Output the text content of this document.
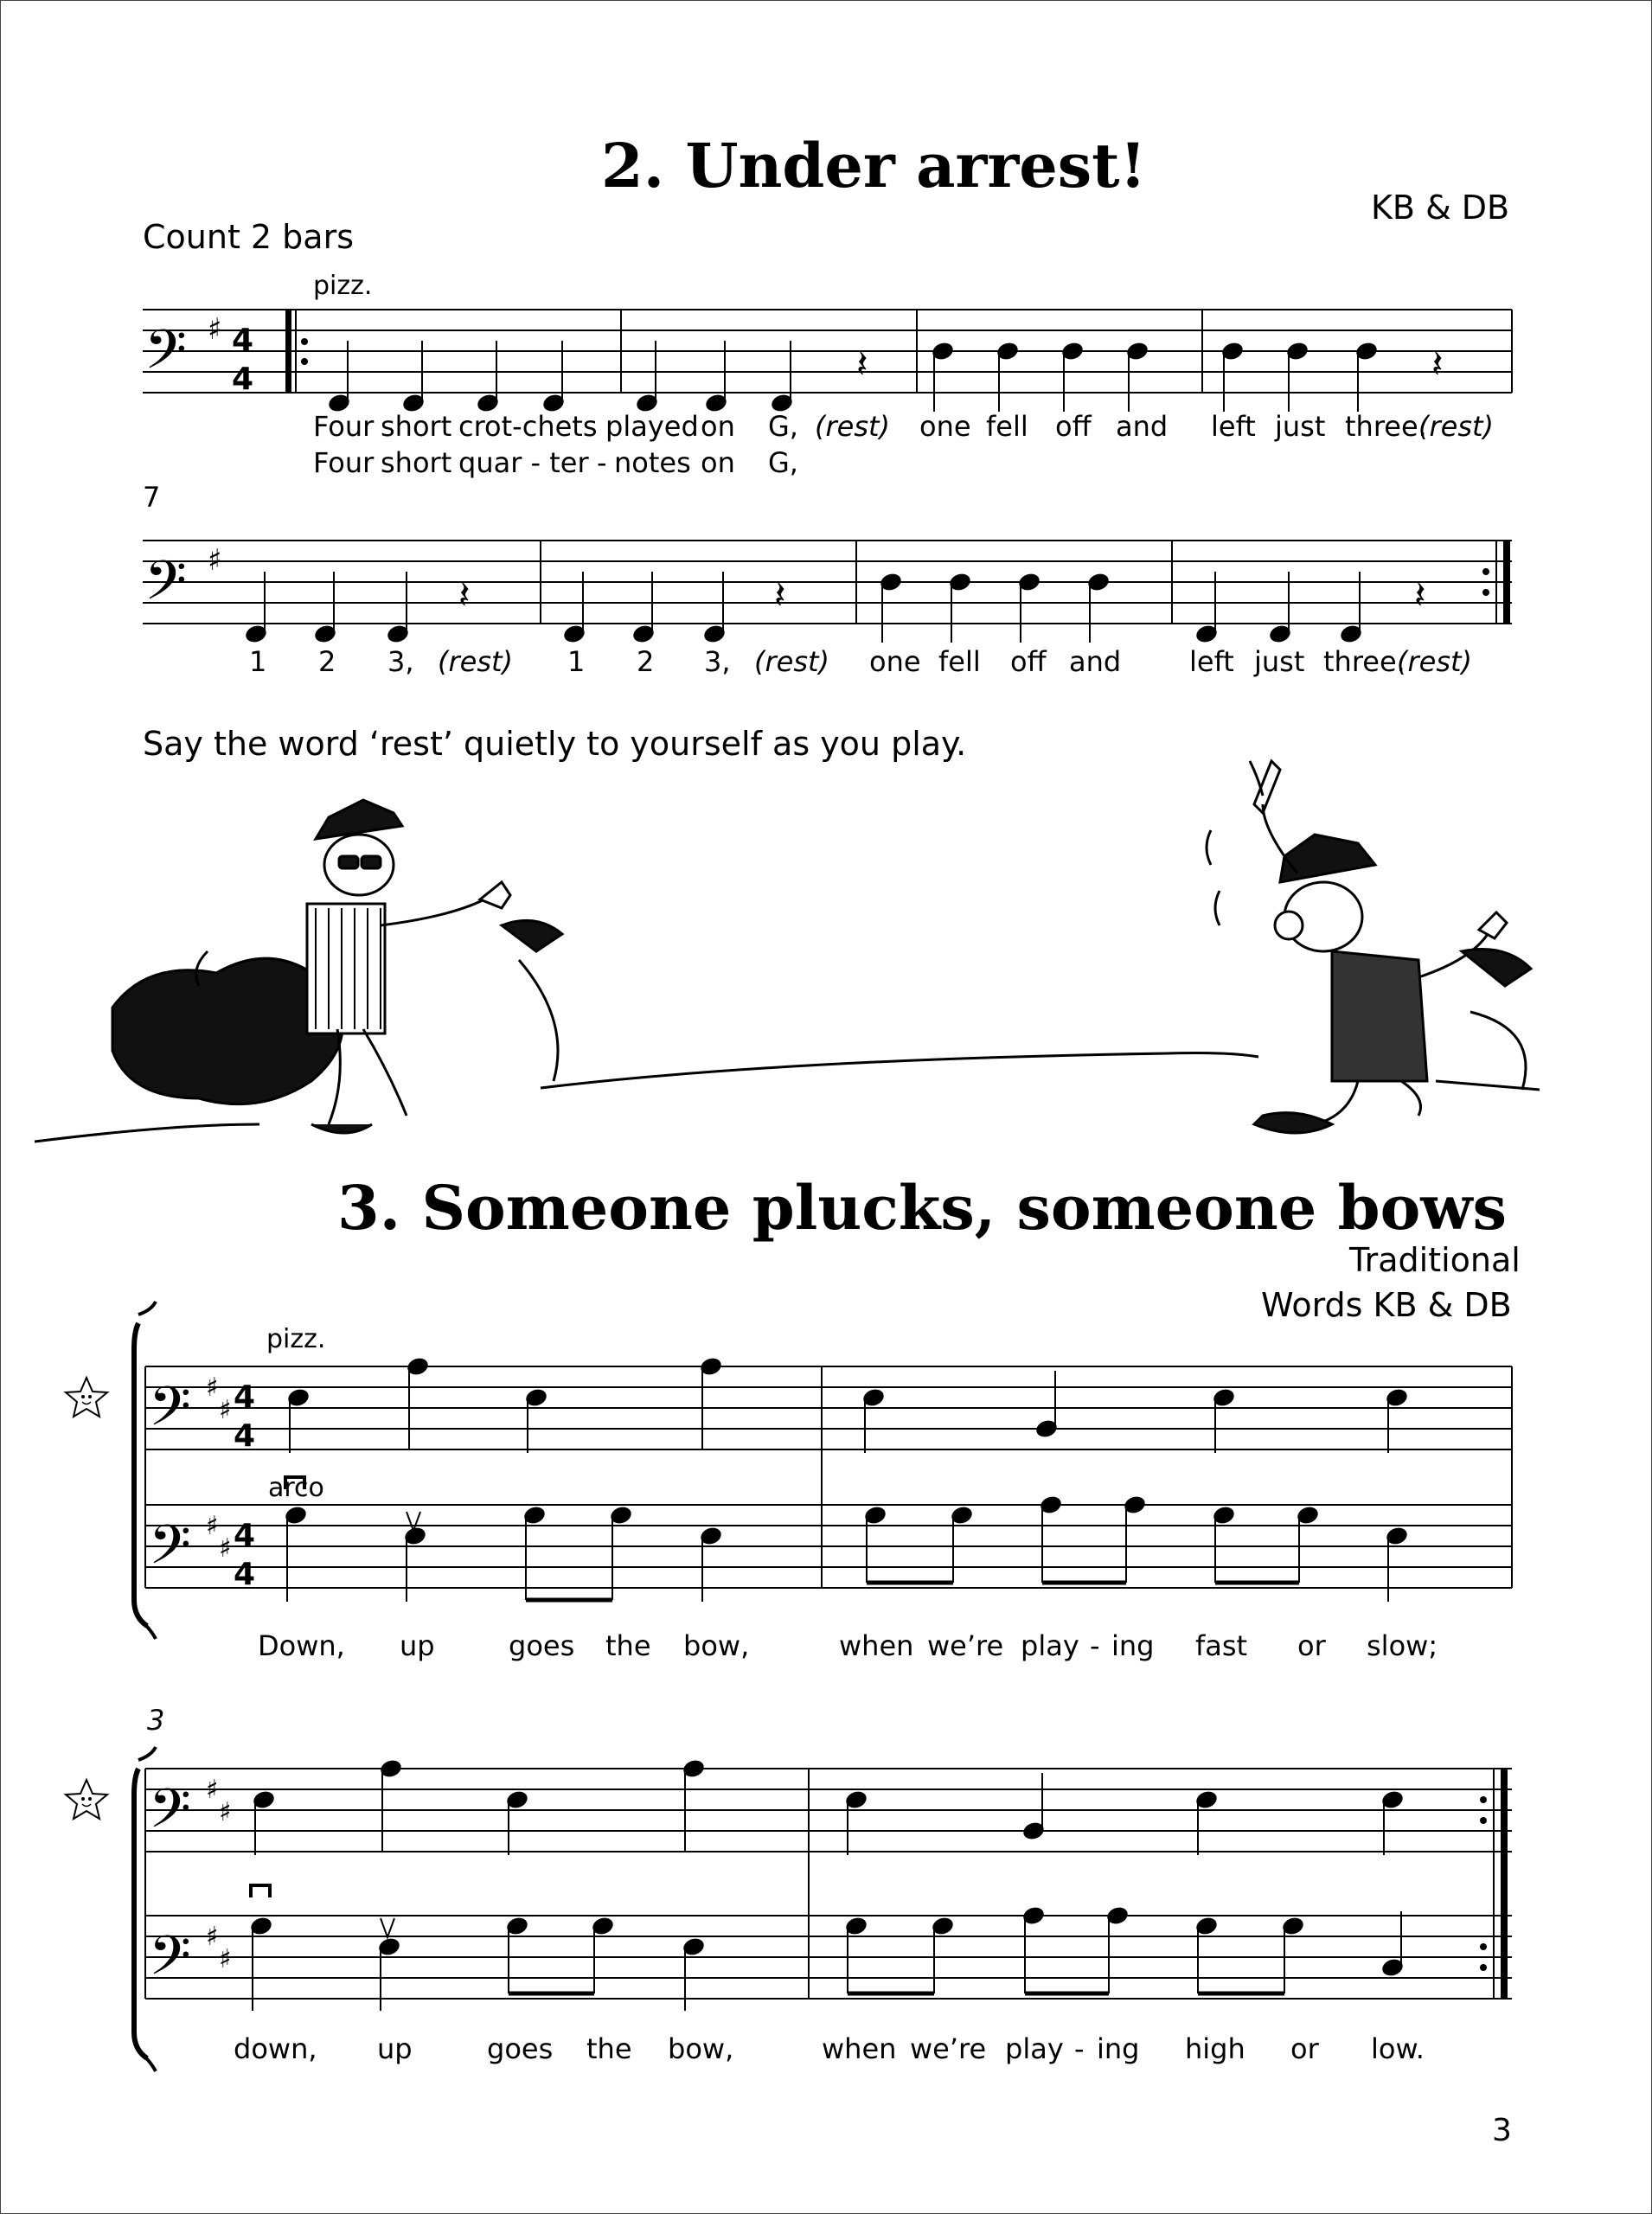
2. Under arrest!
KB & DB
Count 2 bars
pizz.
𝄢 ♯ 4
4	𝄽	𝄽
𝄢 ♯
𝄽	𝄽	𝄽
7
pizz.
𝄢 ♯
♯ 4
4
𝄢 ♯
♯ 4
4
arco
3
𝄢 ♯
♯
𝄢 ♯
♯
Four short crot-chets played on G, (rest) one fell off and left just three.
(rest)
Four short quar - ter - notes on G,
1 2 3, (rest) 1 2 3, (rest) one fell off and left just three.
(rest)
Say the word ‘rest’ quietly to yourself as you play.
3. Someone plucks, someone bows
Traditional
Words KB & DB
Down, up	goes the bow,	when we’re play - ing fast or slow;
down, up	goes the bow,	when we’re play - ing high or low.
3
